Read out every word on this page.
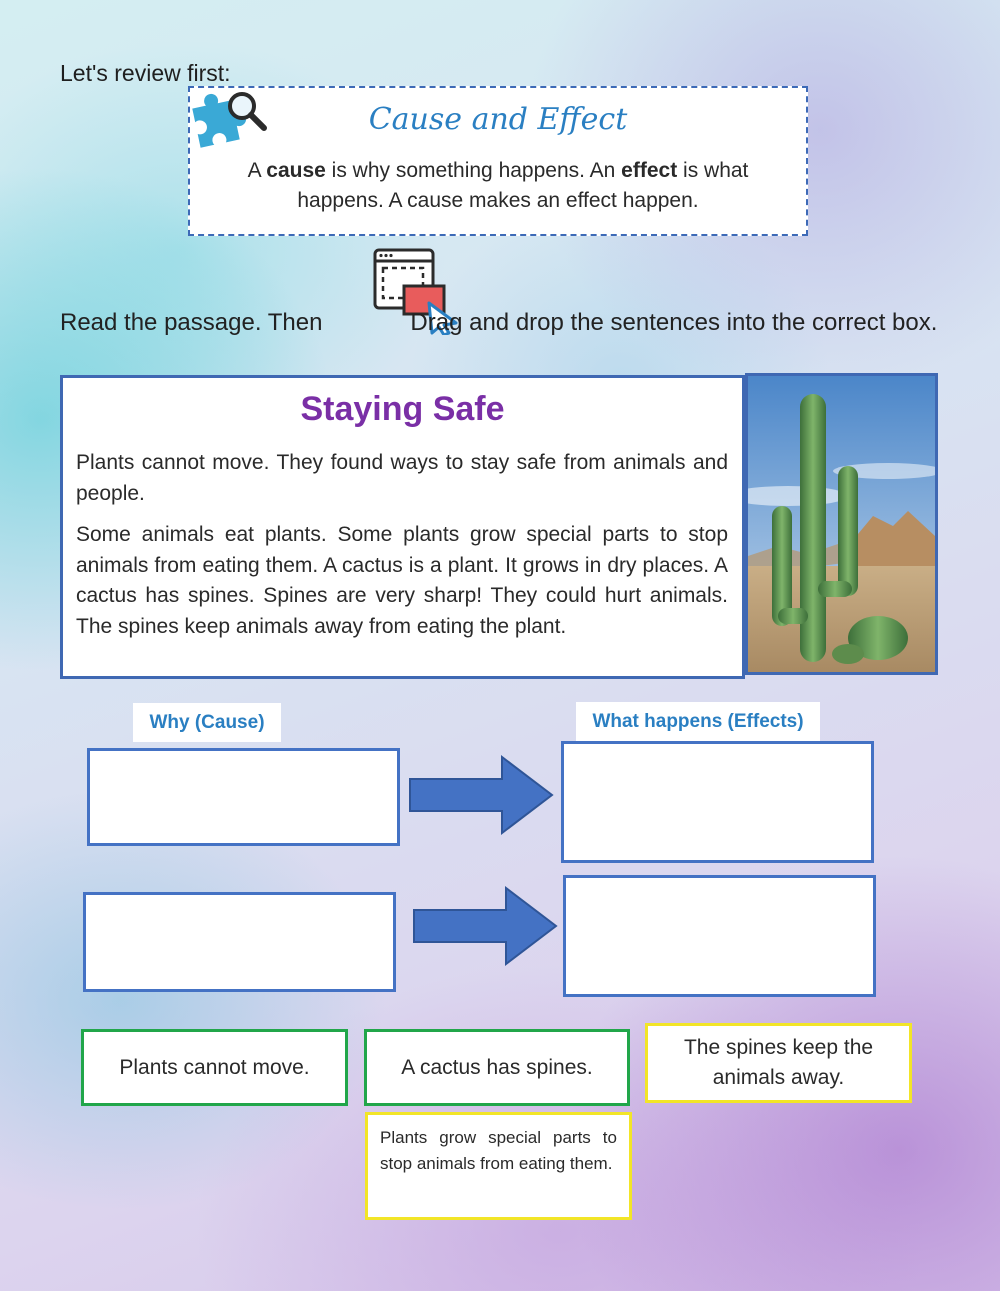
Let's review first:
Cause and Effect
A cause is why something happens. An effect is what happens. A cause makes an effect happen.
Read the passage. Then	Drag and drop the sentences into the correct box.
Staying Safe

Plants cannot move. They found ways to stay safe from animals and people.

Some animals eat plants. Some plants grow special parts to stop animals from eating them. A cactus is a plant. It grows in dry places. A cactus has spines. Spines are very sharp! They could hurt animals. The spines keep animals away from eating the plant.

Why (Cause)	What happens (Effects)
Plants cannot move.	A cactus has spines.
The spines keep the animals away.
Plants grow special parts to stop animals from eating them.
